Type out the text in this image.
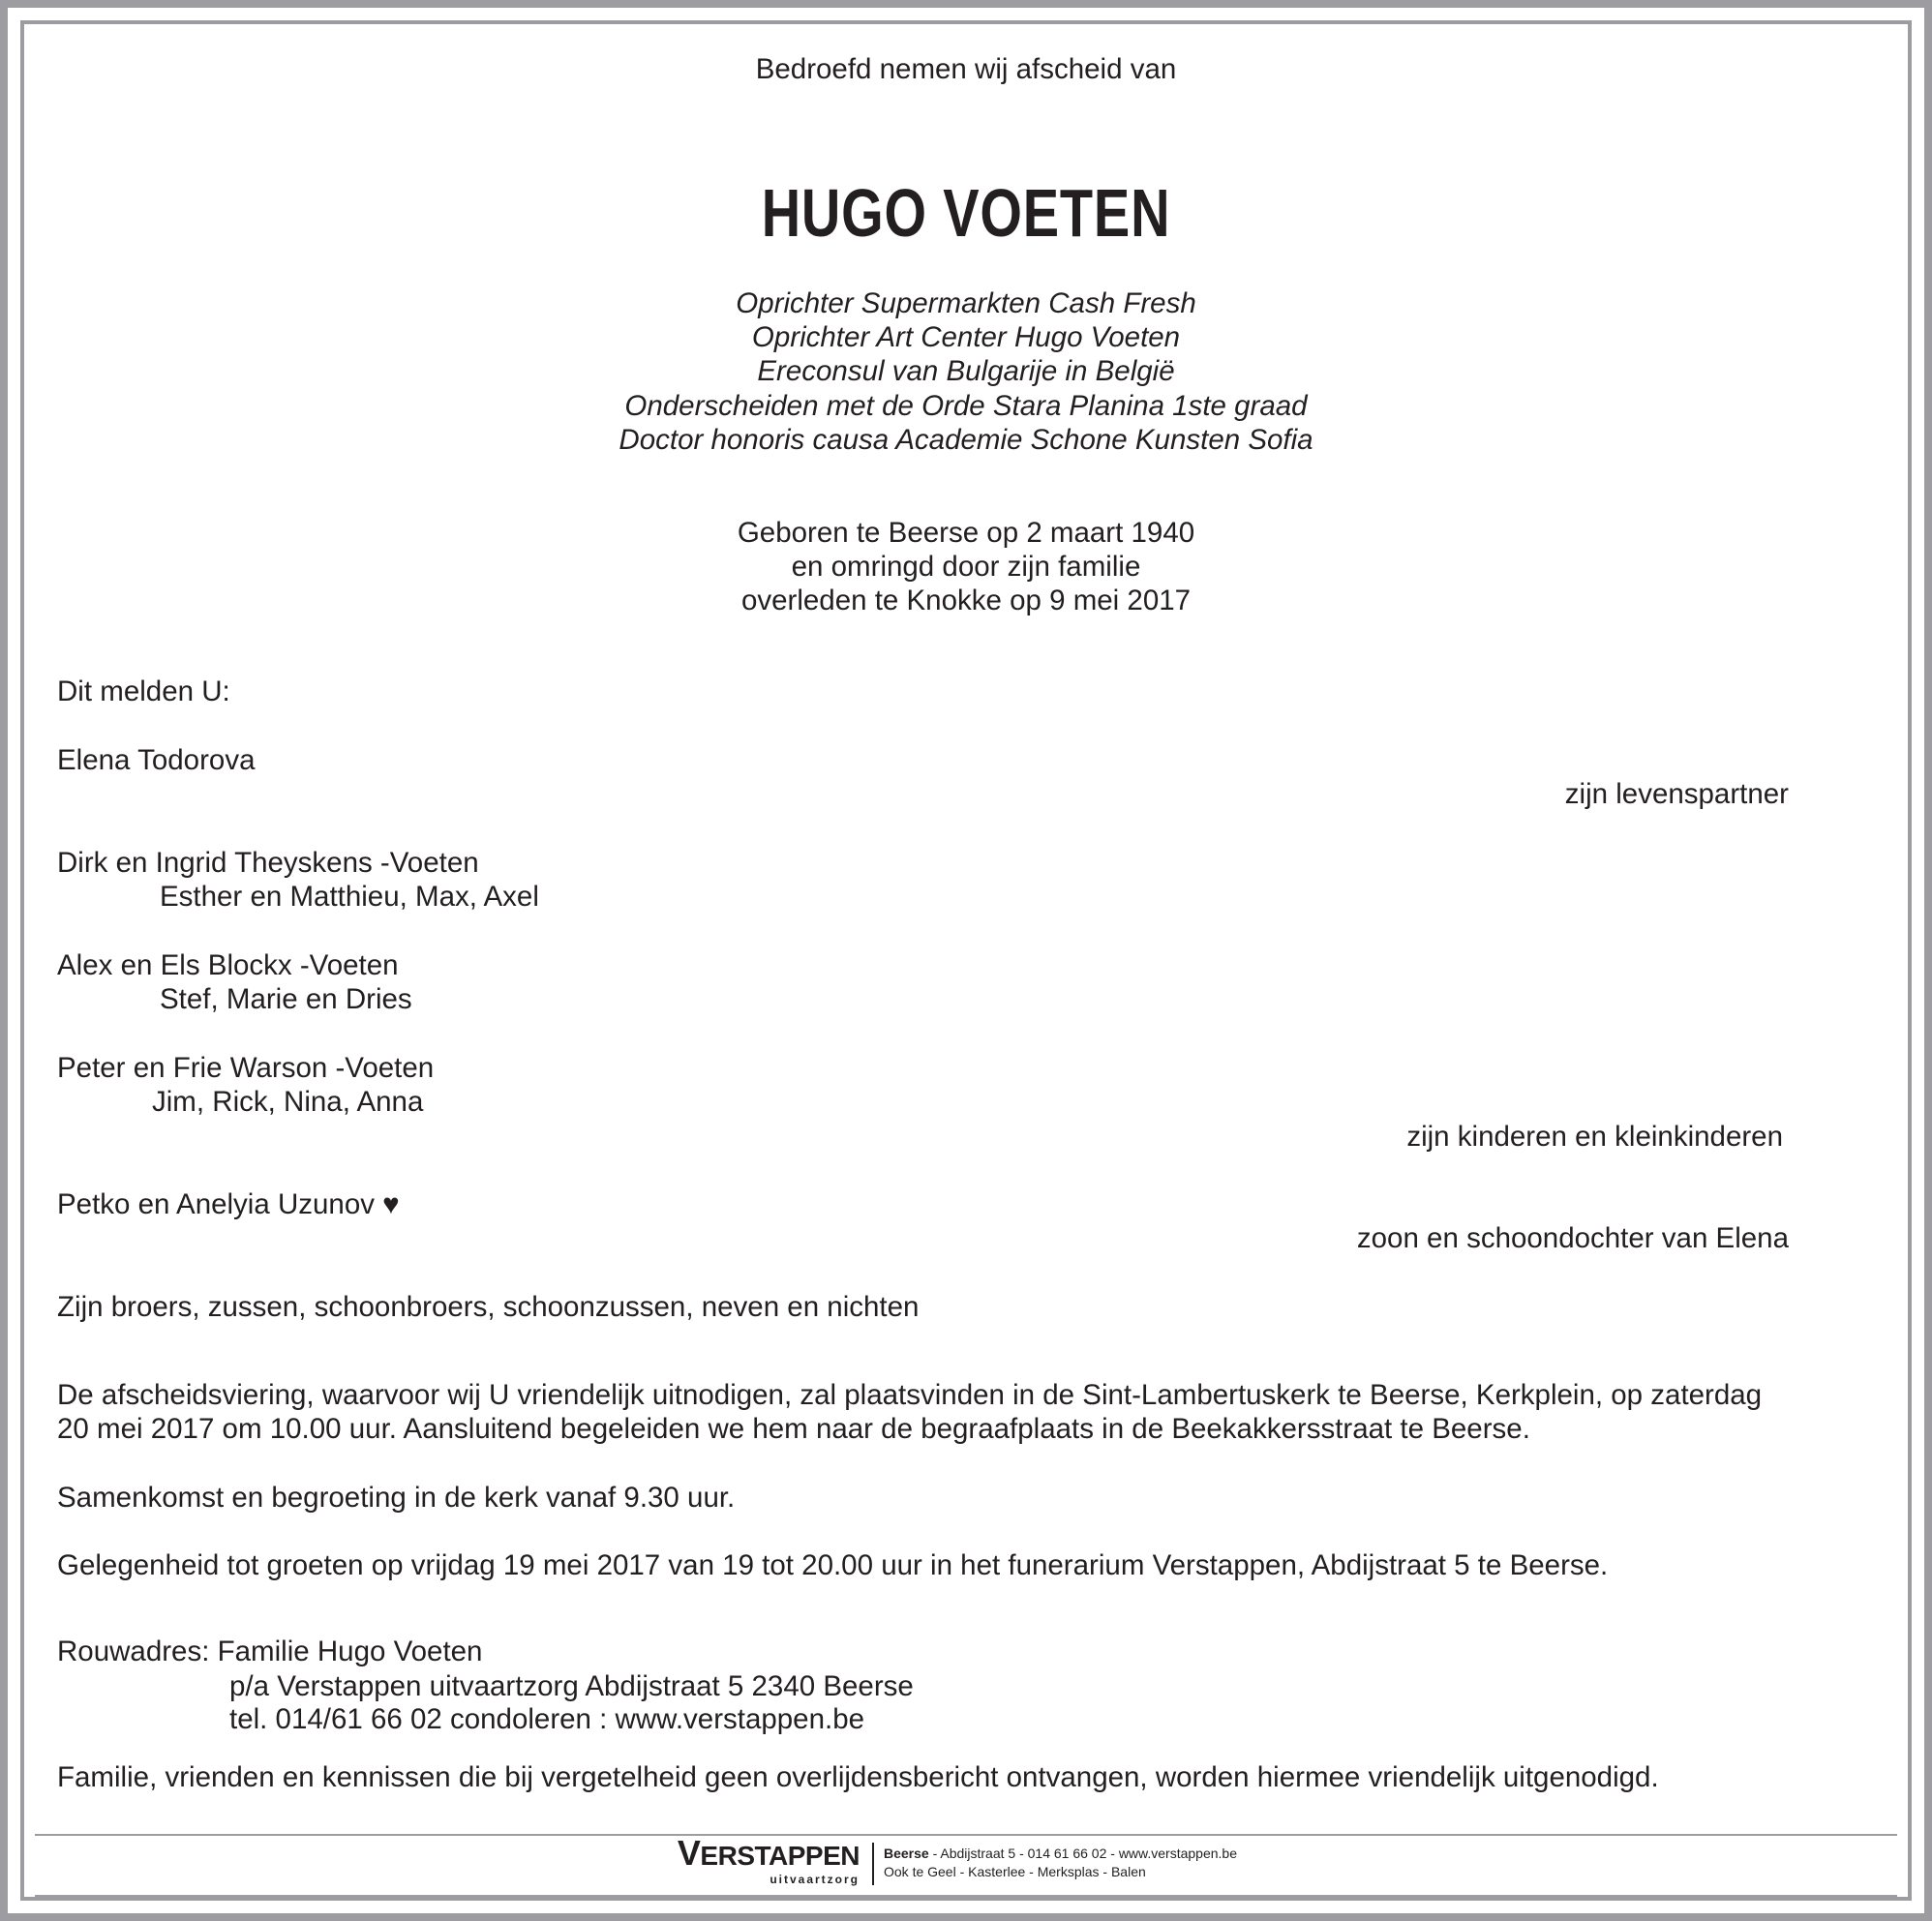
Bedroefd nemen wij afscheid van
HUGO VOETEN
Oprichter Supermarkten Cash Fresh
Oprichter Art Center Hugo Voeten
Ereconsul van Bulgarije in België
Onderscheiden met de Orde Stara Planina 1ste graad
Doctor honoris causa Academie Schone Kunsten Sofia
Geboren te Beerse op 2 maart 1940
en omringd door zijn familie
overleden te Knokke op 9 mei 2017
Dit melden U:
Elena Todorova
zijn levenspartner
Dirk en Ingrid Theyskens -Voeten
Esther en Matthieu, Max, Axel
Alex en Els Blockx -Voeten
Stef, Marie en Dries
Peter en Frie Warson -Voeten
Jim, Rick, Nina, Anna
zijn kinderen en kleinkinderen
Petko en Anelyia Uzunov ♥
zoon en schoondochter van Elena
Zijn broers, zussen, schoonbroers, schoonzussen, neven en nichten
De afscheidsviering, waarvoor wij U vriendelijk uitnodigen, zal plaatsvinden in de Sint-Lambertuskerk te Beerse, Kerkplein, op zaterdag
20 mei 2017 om 10.00 uur. Aansluitend begeleiden we hem naar de begraafplaats in de Beekakkersstraat te Beerse.
Samenkomst en begroeting in de kerk vanaf 9.30 uur.
Gelegenheid tot groeten op vrijdag 19 mei 2017 van 19 tot 20.00 uur in het funerarium Verstappen, Abdijstraat 5 te Beerse.
Rouwadres: Familie Hugo Voeten
p/a Verstappen uitvaartzorg Abdijstraat 5 2340 Beerse
tel. 014/61 66 02 condoleren : www.verstappen.be
Familie, vrienden en kennissen die bij vergetelheid geen overlijdensbericht ontvangen, worden hiermee vriendelijk uitgenodigd.
VERSTAPPEN
uitvaartzorg
Beerse - Abdijstraat 5 - 014 61 66 02 - www.verstappen.be
Ook te Geel - Kasterlee - Merksplas - Balen
